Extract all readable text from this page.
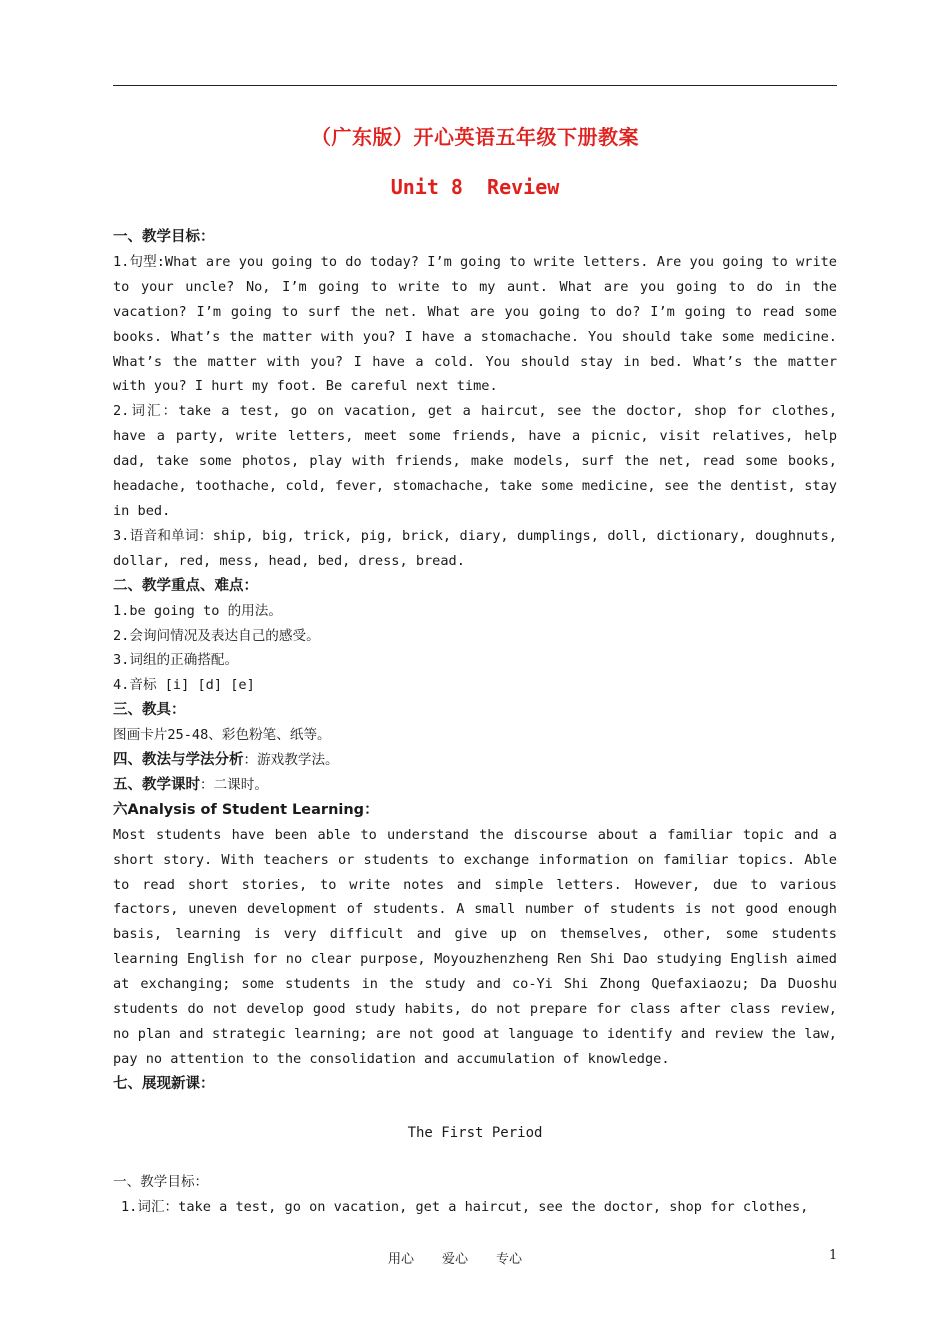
（广东版）开心英语五年级下册教案
Unit 8  Review

一、教学目标：

1.句型:What are you going to do today? I’m going to write letters. Are you going to write to your uncle? No, I’m going to write to my aunt. What are you going to do in the vacation? I’m going to surf the net. What are you going to do? I’m going to read some books. What’s the matter with you? I have a stomachache. You should take some medicine. What’s the matter with you? I have a cold. You should stay in bed. What’s the matter with you? I hurt my foot. Be careful next time.

2.词汇：take a test, go on vacation, get a haircut, see the doctor, shop for clothes, have a party, write letters, meet some friends, have a picnic, visit relatives, help dad, take some photos, play with friends, make models, surf the net, read some books, headache, toothache, cold, fever, stomachache, take some medicine, see the dentist, stay in bed.

3.语音和单词：ship, big, trick, pig, brick, diary, dumplings, doll, dictionary, doughnuts, dollar, red, mess, head, bed, dress, bread.

二、教学重点、难点：

1.be going to 的用法。

2.会询问情况及表达自己的感受。

3.词组的正确搭配。

4.音标 [i] [d] [e]

三、教具：

图画卡片25-48、彩色粉笔、纸等。

四、教法与学法分析：游戏教学法。

五、教学课时：二课时。

六Analysis of Student Learning：

Most students have been able to understand the discourse about a familiar topic and a short story. With teachers or students to exchange information on familiar topics. Able to read short stories, to write notes and simple letters. However, due to various factors, uneven development of students. A small number of students is not good enough basis, learning is very difficult and give up on themselves, other, some students learning English for no clear purpose, Moyouzhenzheng Ren Shi Dao studying English aimed at exchanging; some students in the study and co-Yi Shi Zhong Quefaxiaozu; Da Duoshu students do not develop good study habits, do not prepare for class after class review, no plan and strategic learning; are not good at language to identify and review the law, pay no attention to the consolidation and accumulation of knowledge.

七、展现新课：

The First Period

一、教学目标：

1.词汇：take a test, go on vacation, get a haircut, see the doctor, shop for clothes,

用心 爱心 专心	1
